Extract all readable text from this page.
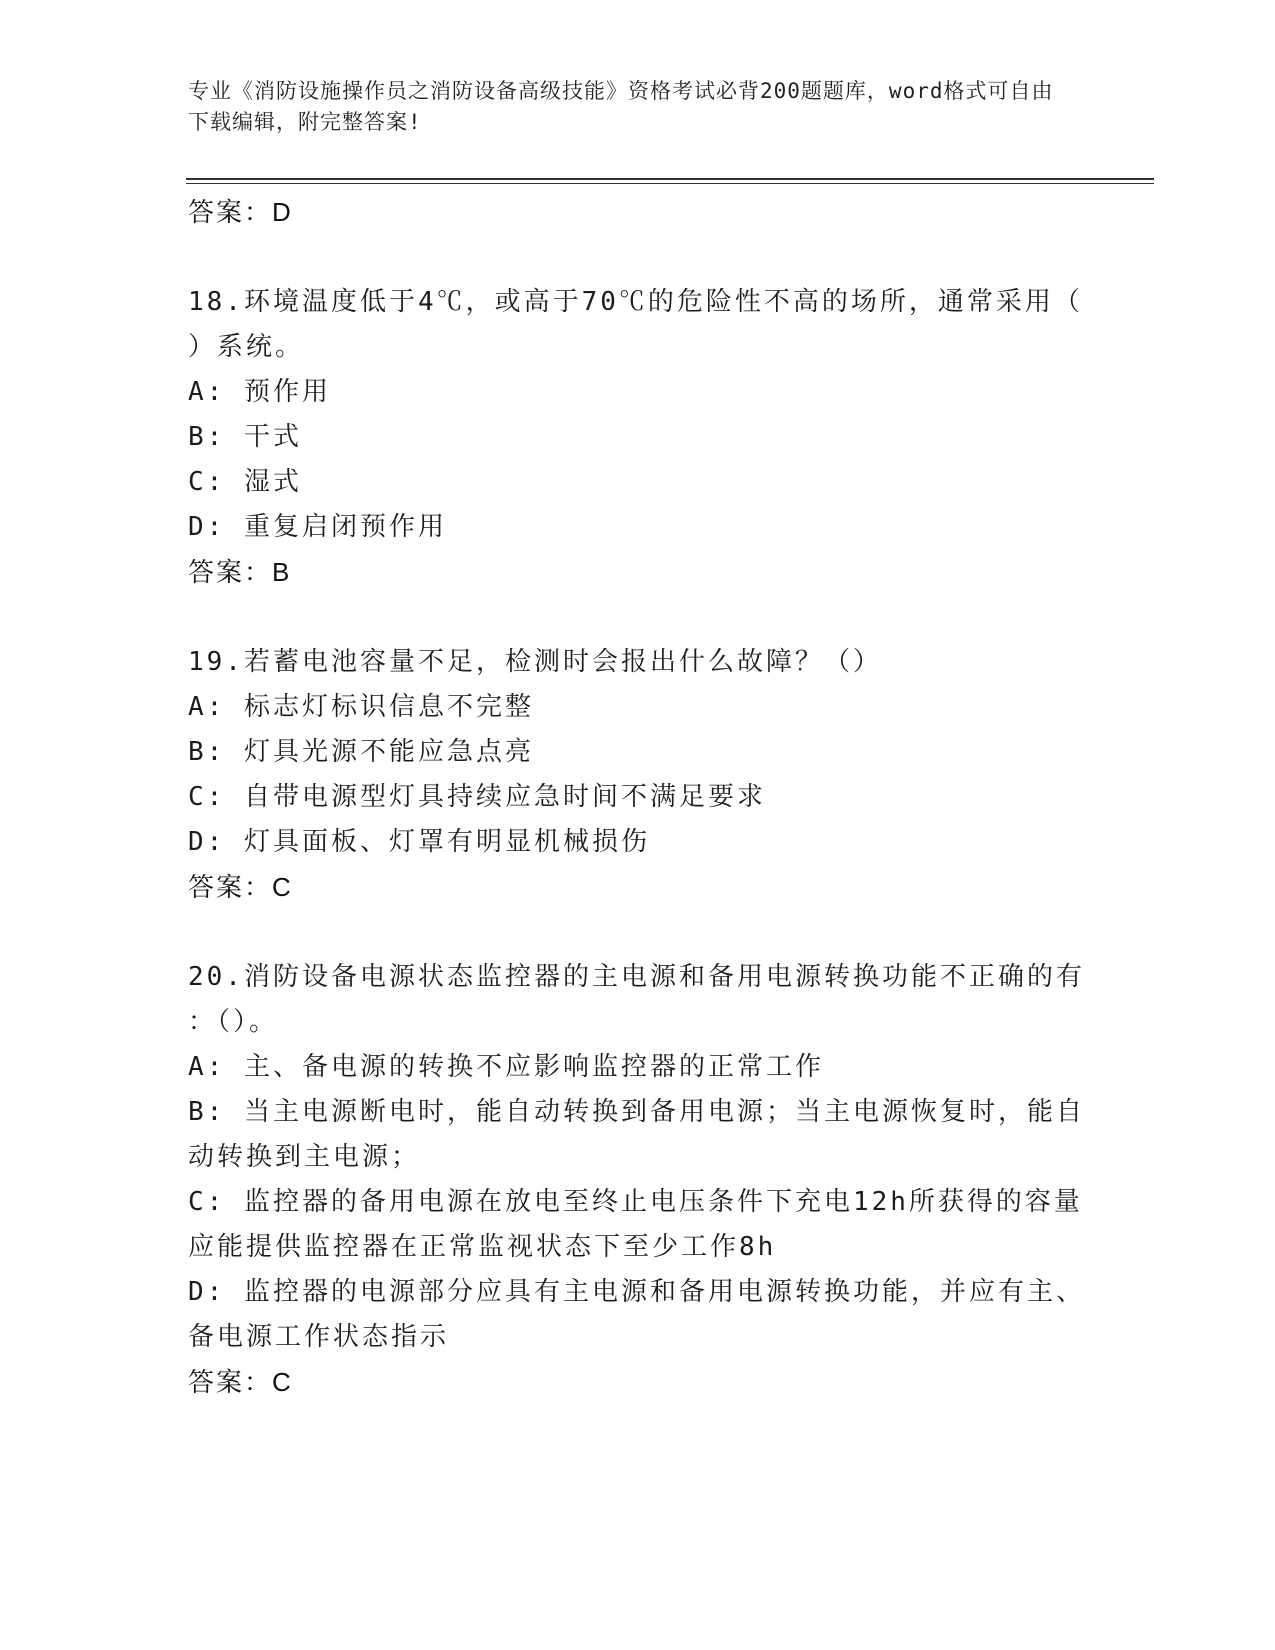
专业《消防设施操作员之消防设备高级技能》资格考试必背200题题库，word格式可自由下载编辑，附完整答案!
答案：D
18.环境温度低于4℃，或高于70℃的危险性不高的场所，通常采用（
）系统。
A: 预作用
B: 干式
C: 湿式
D: 重复启闭预作用
答案：B
19.若蓄电池容量不足，检测时会报出什么故障？（）
A: 标志灯标识信息不完整
B: 灯具光源不能应急点亮
C: 自带电源型灯具持续应急时间不满足要求
D: 灯具面板、灯罩有明显机械损伤
答案：C
20.消防设备电源状态监控器的主电源和备用电源转换功能不正确的有
：（）。
A: 主、备电源的转换不应影响监控器的正常工作
B: 当主电源断电时，能自动转换到备用电源；当主电源恢复时，能自
动转换到主电源；
C: 监控器的备用电源在放电至终止电压条件下充电12h所获得的容量
应能提供监控器在正常监视状态下至少工作8h
D: 监控器的电源部分应具有主电源和备用电源转换功能，并应有主、
备电源工作状态指示
答案：C
